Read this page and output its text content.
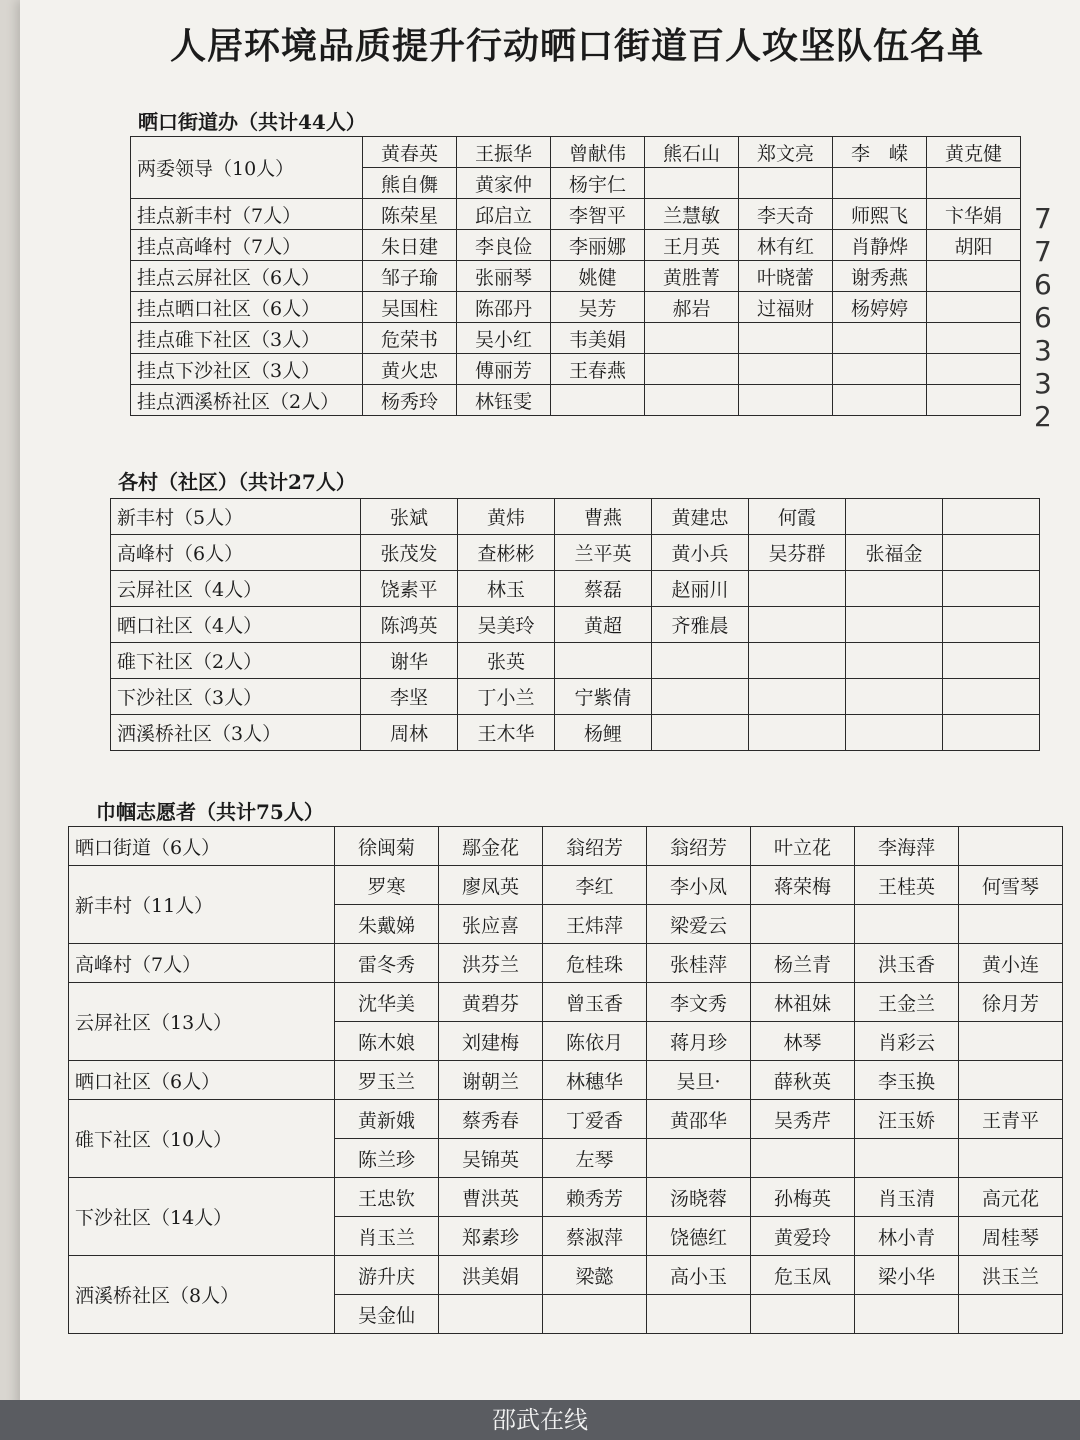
人居环境品质提升行动晒口街道百人攻坚队伍名单
晒口街道办（共计44人）
两委领导（10人）	黄春英	王振华	曾献伟	熊石山	郑文亮	李　嵘	黄克健
	熊自儛	黄家仲	杨宇仁				
挂点新丰村（7人）	陈荣星	邱启立	李智平	兰慧敏	李天奇	师熙飞	卞华娟
挂点高峰村（7人）	朱日建	李良俭	李丽娜	王月英	林有红	肖静烨	胡阳
挂点云屏社区（6人）	邹子瑜	张丽琴	姚健	黄胜菁	叶晓蕾	谢秀燕	
挂点晒口社区（6人）	吴国柱	陈邵丹	吴芳	郝岩	过福财	杨婷婷	
挂点碓下社区（3人）	危荣书	吴小红	韦美娟				
挂点下沙社区（3人）	黄火忠	傅丽芳	王春燕				
挂点洒溪桥社区（2人）	杨秀玲	林钰雯					
各村（社区）（共计27人）
新丰村（5人）	张斌	黄炜	曹燕	黄建忠	何霞		
高峰村（6人）	张茂发	查彬彬	兰平英	黄小兵	吴芬群	张福金	
云屏社区（4人）	饶素平	林玉	蔡磊	赵丽川			
晒口社区（4人）	陈鸿英	吴美玲	黄超	齐雅晨			
碓下社区（2人）	谢华	张英					
下沙社区（3人）	李坚	丁小兰	宁紫倩				
洒溪桥社区（3人）	周林	王木华	杨鲤				
巾帼志愿者（共计75人）
晒口街道（6人）	徐闽菊	鄢金花	翁绍芳	翁绍芳	叶立花	李海萍	
新丰村（11人）	罗寒	廖凤英	李红	李小凤	蒋荣梅	王桂英	何雪琴
	朱戴娣	张应喜	王炜萍	梁爱云			
高峰村（7人）	雷冬秀	洪芬兰	危桂珠	张桂萍	杨兰青	洪玉香	黄小连
云屏社区（13人）	沈华美	黄碧芬	曾玉香	李文秀	林祖妹	王金兰	徐月芳
	陈木娘	刘建梅	陈依月	蒋月珍	林琴	肖彩云	
晒口社区（6人）	罗玉兰	谢朝兰	林穗华	吴旦·	薛秋英	李玉换	
碓下社区（10人）	黄新娥	蔡秀春	丁爱香	黄邵华	吴秀芹	汪玉娇	王青平
	陈兰珍	吴锦英	左琴				
下沙社区（14人）	王忠钦	曹洪英	赖秀芳	汤晓蓉	孙梅英	肖玉清	高元花
	肖玉兰	郑素珍	蔡淑萍	饶德红	黄爱玲	林小青	周桂琴
洒溪桥社区（8人）	游升庆	洪美娟	梁懿	高小玉	危玉凤	梁小华	洪玉兰
	吴金仙						
7
7
6
6
3
3
2
邵武在线
